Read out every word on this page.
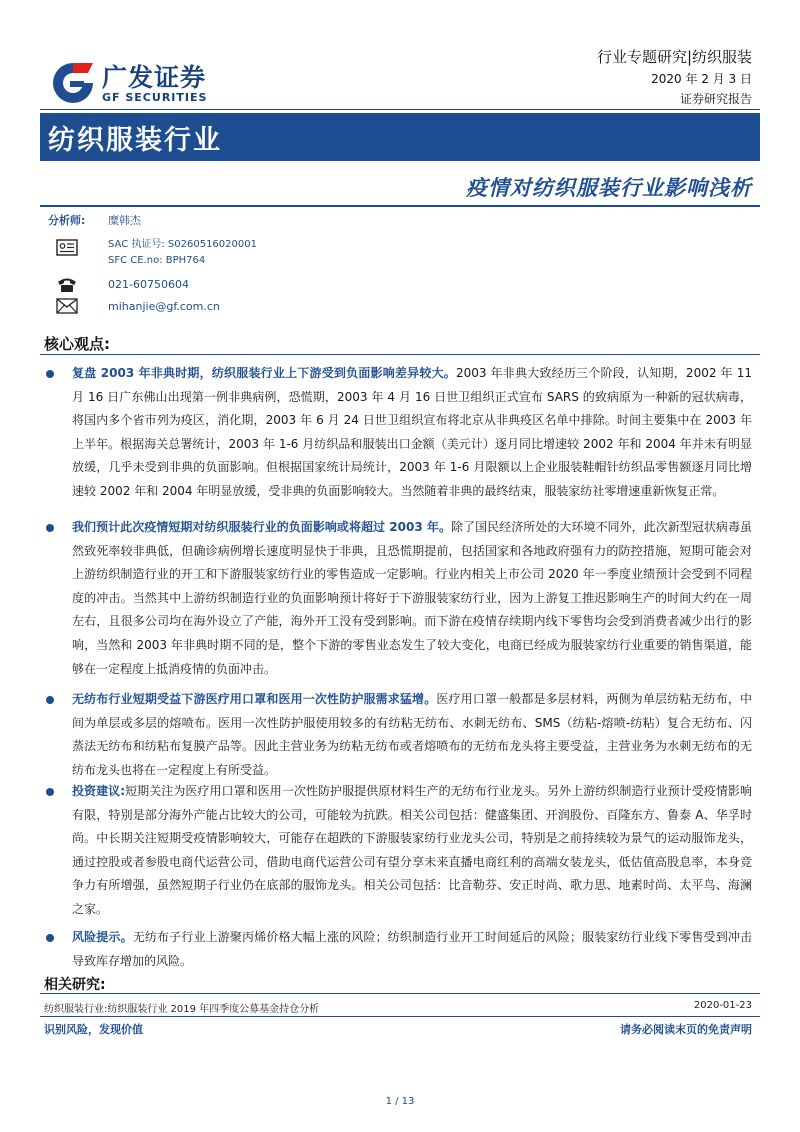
广发证券
GF SECURITIES
行业专题研究|纺织服装
2020 年 2 月 3 日
证券研究报告
纺织服装行业
疫情对纺织服装行业影响浅析
分析师: 糜韩杰
SAC 执证号: S0260516020001
SFC CE.no: BPH764
021-60750604
mihanjie@gf.com.cn
核心观点:
复盘 2003 年非典时期，纺织服装行业上下游受到负面影响差异较大。2003 年非典大致经历三个阶段，认知期，2002 年 11 月 16 日广东佛山出现第一例非典病例，恐慌期，2003 年 4 月 16 日世卫组织正式宣布 SARS 的致病原为一种新的冠状病毒，将国内多个省市列为疫区，消化期，2003 年 6 月 24 日世卫组织宣布将北京从非典疫区名单中排除。时间主要集中在 2003 年上半年。根据海关总署统计，2003 年 1-6 月纺织品和服装出口金额（美元计）逐月同比增速较 2002 年和 2004 年并未有明显放缓，几乎未受到非典的负面影响。但根据国家统计局统计，2003 年 1-6 月限额以上企业服装鞋帽针纺织品零售额逐月同比增速较 2002 年和 2004 年明显放缓，受非典的负面影响较大。当然随着非典的最终结束，服装家纺社零增速重新恢复正常。
我们预计此次疫情短期对纺织服装行业的负面影响或将超过 2003 年。除了国民经济所处的大环境不同外，此次新型冠状病毒虽然致死率较非典低，但确诊病例增长速度明显快于非典，且恐慌期提前，包括国家和各地政府强有力的防控措施，短期可能会对上游纺织制造行业的开工和下游服装家纺行业的零售造成一定影响。行业内相关上市公司 2020 年一季度业绩预计会受到不同程度的冲击。当然其中上游纺织制造行业的负面影响预计将好于下游服装家纺行业，因为上游复工推迟影响生产的时间大约在一周左右，且很多公司均在海外设立了产能，海外开工没有受到影响。而下游在疫情存续期内线下零售均会受到消费者减少出行的影响，当然和 2003 年非典时期不同的是，整个下游的零售业态发生了较大变化，电商已经成为服装家纺行业重要的销售渠道，能够在一定程度上抵消疫情的负面冲击。
无纺布行业短期受益下游医疗用口罩和医用一次性防护服需求猛增。医疗用口罩一般都是多层材料，两侧为单层纺粘无纺布，中间为单层或多层的熔喷布。医用一次性防护服使用较多的有纺粘无纺布、水刺无纺布、SMS（纺粘-熔喷-纺粘）复合无纺布、闪蒸法无纺布和纺粘布复膜产品等。因此主营业务为纺粘无纺布或者熔喷布的无纺布龙头将主要受益，主营业务为水刺无纺布的无纺布龙头也将在一定程度上有所受益。
投资建议:短期关注为医疗用口罩和医用一次性防护服提供原材料生产的无纺布行业龙头。另外上游纺织制造行业预计受疫情影响有限，特别是部分海外产能占比较大的公司，可能较为抗跌。相关公司包括：健盛集团、开润股份、百隆东方、鲁泰 A、华孚时尚。中长期关注短期受疫情影响较大，可能存在超跌的下游服装家纺行业龙头公司，特别是之前持续较为景气的运动服饰龙头，通过控股或者参股电商代运营公司，借助电商代运营公司有望分享未来直播电商红利的高端女装龙头，低估值高股息率，本身竞争力有所增强，虽然短期子行业仍在底部的服饰龙头。相关公司包括：比音勒芬、安正时尚、歌力思、地素时尚、太平鸟、海澜之家。
风险提示。无纺布子行业上游聚丙烯价格大幅上涨的风险；纺织制造行业开工时间延后的风险；服装家纺行业线下零售受到冲击导致库存增加的风险。
相关研究:
纺织服装行业:纺织服装行业 2019 年四季度公募基金持仓分析	2020-01-23
识别风险，发现价值	请务必阅读末页的免责声明
1 / 13
